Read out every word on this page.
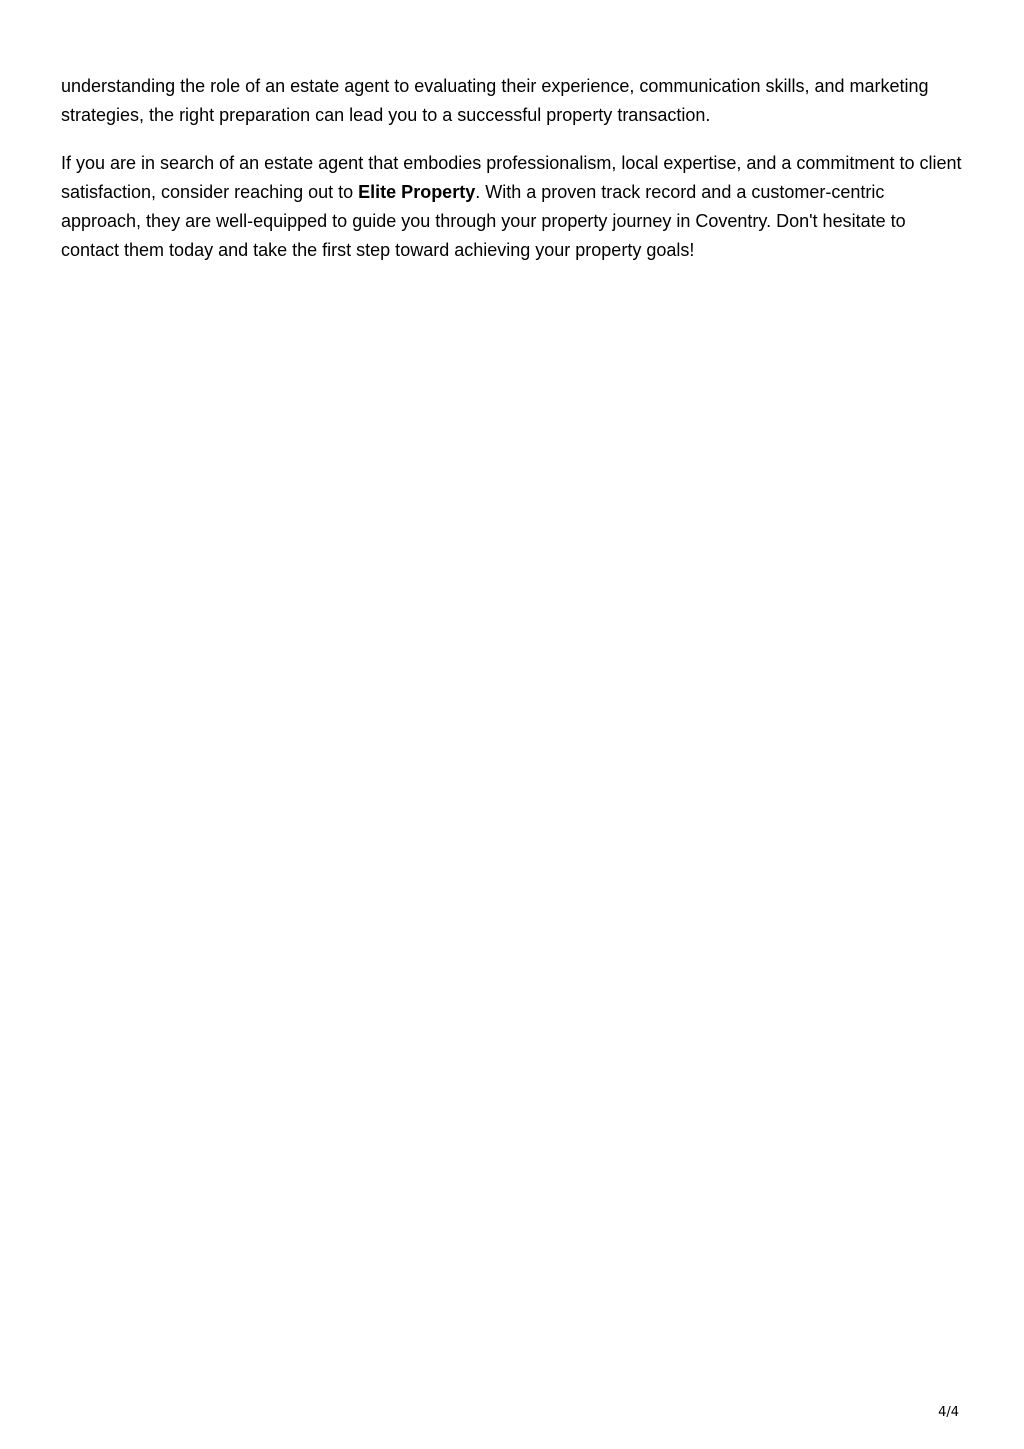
understanding the role of an estate agent to evaluating their experience, communication skills, and marketing strategies, the right preparation can lead you to a successful property transaction.

If you are in search of an estate agent that embodies professionalism, local expertise, and a commitment to client satisfaction, consider reaching out to Elite Property. With a proven track record and a customer-centric approach, they are well-equipped to guide you through your property journey in Coventry. Don't hesitate to contact them today and take the first step toward achieving your property goals!

4/4
